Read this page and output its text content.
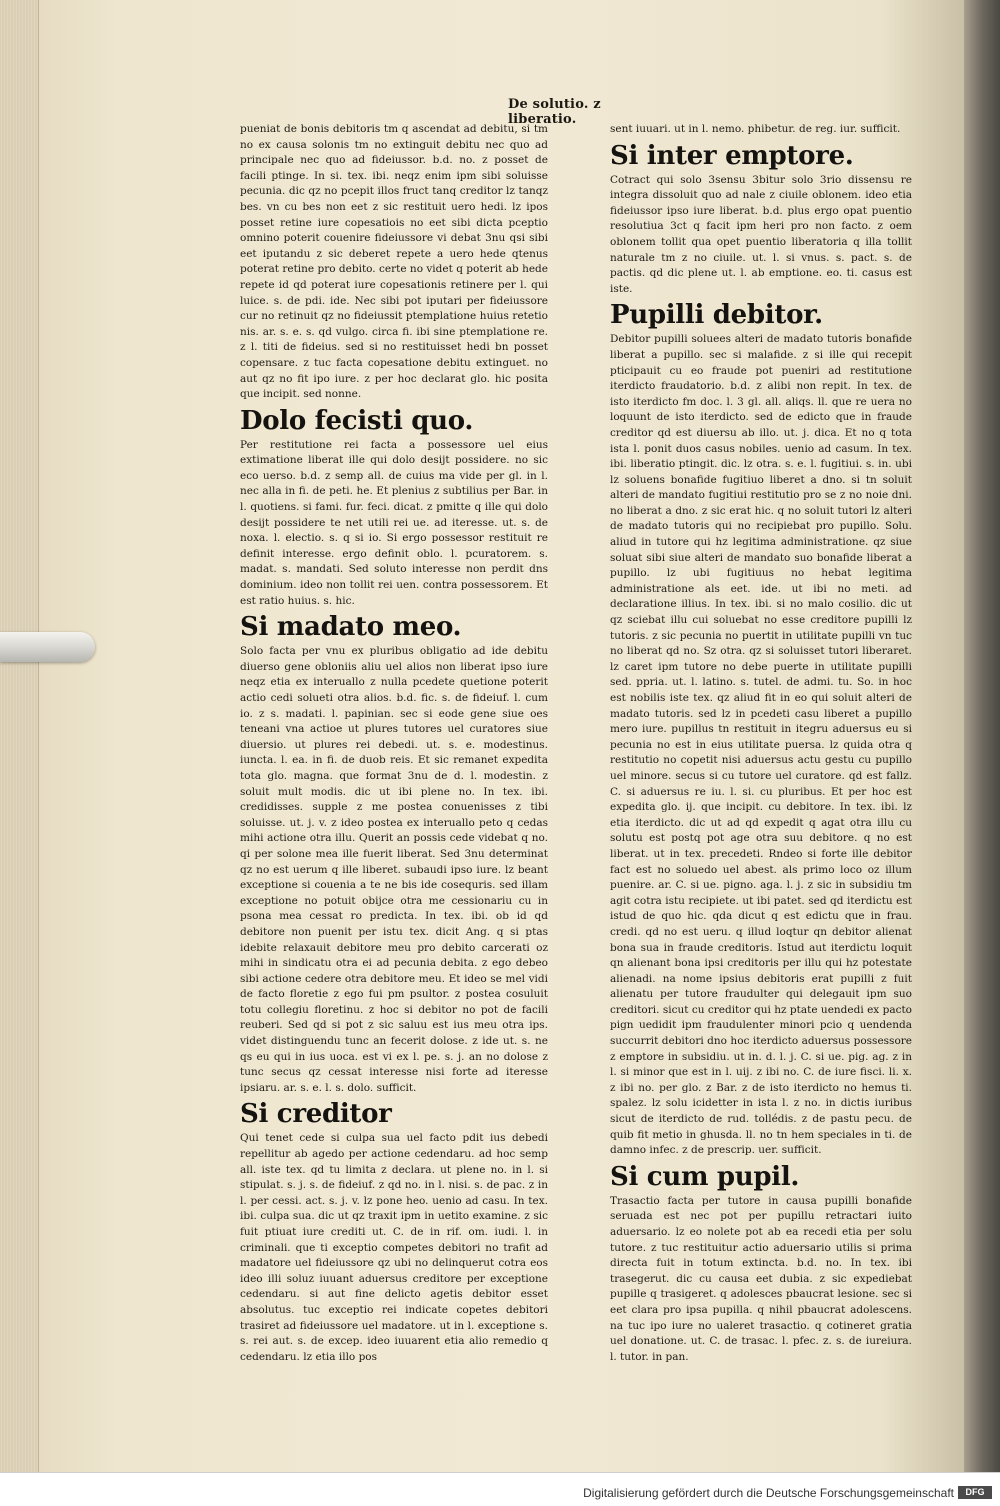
De solutio. z liberatio.

pueniat de bonis debitoris tm q ascendat ad debitu, si tm no ex causa solonis tm no extinguit debitu nec quo ad principale nec quo ad fideiussor. b.d. no. z posset de facili ptinge. In si. tex. ibi. neqz enim ipm sibi soluisse pecunia. dic qz no pcepit illos fruct tanq creditor lz tanqz bes. vn cu bes non eet z sic restituit uero hedi. lz ipos posset retine iure copesatiois no eet sibi dicta pceptio omnino poterit couenire fideiussore vi debat 3nu qsi sibi eet iputandu z sic deberet repete a uero hede qtenus poterat retine pro debito. certe no videt q poterit ab hede repete id qd poterat iure copesationis retinere per l. qui luice. s. de pdi. ide. Nec sibi pot iputari per fideiussore cur no retinuit qz no fideiussit ptemplatione huius retetio nis. ar. s. e. s. qd vulgo. circa fi. ibi sine ptemplatione re. z l. titi de fideius. sed si no restituisset hedi bn posset copensare. z tuc facta copesatione debitu extinguet. no aut qz no fit ipo iure. z per hoc declarat glo. hic posita que incipit. sed nonne.

Dolo fecisti quo.

Per restitutione rei facta a possessore uel eius extimatione liberat ille qui dolo desijt possidere. no sic eco uerso. b.d. z semp all. de cuius ma vide per gl. in l. nec alla in fi. de peti. he. Et plenius z subtilius per Bar. in l. quotiens. si fami. fur. feci. dicat. z pmitte q ille qui dolo desijt possidere te net utili rei ue. ad iteresse. ut. s. de noxa. l. electio. s. q si io. Si ergo possessor restituit re definit interesse. ergo definit oblo. l. pcuratorem. s. madat. s. mandati. Sed soluto interesse non perdit dns dominium. ideo non tollit rei uen. contra possessorem. Et est ratio huius. s. hic.

Si madato meo.

Solo facta per vnu ex pluribus obligatio ad ide debitu diuerso gene obloniis aliu uel alios non liberat ipso iure neqz etia ex interuallo z nulla pcedete quetione poterit actio cedi solueti otra alios. b.d. fic. s. de fideiuf. l. cum io. z s. madati. l. papinian. sec si eode gene siue oes teneani vna actioe ut plures tutores uel curatores siue diuersio. ut plures rei debedi. ut. s. e. modestinus. iuncta. l. ea. in fi. de duob reis. Et sic remanet expedita tota glo. magna. que format 3nu de d. l. modestin. z soluit mult modis. dic ut ibi plene no. In tex. ibi. credidisses. supple z me postea conuenisses z tibi soluisse. ut. j. v. z ideo postea ex interuallo peto q cedas mihi actione otra illu. Querit an possis cede videbat q no. qi per solone mea ille fuerit liberat. Sed 3nu determinat qz no est uerum q ille liberet. subaudi ipso iure. lz beant exceptione si couenia a te ne bis ide cosequris. sed illam exceptione no potuit obijce otra me cessionariu cu in psona mea cessat ro predicta. In tex. ibi. ob id qd debitore non puenit per istu tex. dicit Ang. q si ptas idebite relaxauit debitore meu pro debito carcerati oz mihi in sindicatu otra ei ad pecunia debita. z ego debeo sibi actione cedere otra debitore meu. Et ideo se mel vidi de facto floretie z ego fui pm psultor. z postea cosuluit totu collegiu floretinu. z hoc si debitor no pot de facili reuberi. Sed qd si pot z sic saluu est ius meu otra ips. videt distinguendu tunc an fecerit dolose. z ide ut. s. ne qs eu qui in ius uoca. est vi ex l. pe. s. j. an no dolose z tunc secus qz cessat interesse nisi forte ad iteresse ipsiaru. ar. s. e. l. s. dolo. sufficit.

Si creditor

Qui tenet cede si culpa sua uel facto pdit ius debedi repellitur ab agedo per actione cedendaru. ad hoc semp all. iste tex. qd tu limita z declara. ut plene no. in l. si stipulat. s. j. s. de fideiuf. z qd no. in l. nisi. s. de pac. z in l. per cessi. act. s. j. v. lz pone heo. uenio ad casu. In tex. ibi. culpa sua. dic ut qz traxit ipm in uetito examine. z sic fuit ptiuat iure crediti ut. C. de in rif. om. iudi. l. in criminali. que ti exceptio competes debitori no trafit ad madatore uel fideiussore qz ubi no delinquerut cotra eos ideo illi soluz iuuant aduersus creditore per exceptione cedendaru. si aut fine delicto agetis debitor esset absolutus. tuc exceptio rei indicate copetes debitori trasiret ad fideiussore uel madatore. ut in l. exceptione s. s. rei aut. s. de excep. ideo iuuarent etia alio remedio q cedendaru. lz etia illo pos

sent iuuari. ut in l. nemo. phibetur. de reg. iur. sufficit.

Si inter emptore.

Cotract qui solo 3sensu 3bitur solo 3rio dissensu re integra dissoluit quo ad nale z ciuile oblonem. ideo etia fideiussor ipso iure liberat. b.d. plus ergo opat puentio resolutiua 3ct q facit ipm heri pro non facto. z oem oblonem tollit qua opet puentio liberatoria q illa tollit naturale tm z no ciuile. ut. l. si vnus. s. pact. s. de pactis. qd dic plene ut. l. ab emptione. eo. ti. casus est iste.

Pupilli debitor.

Debitor pupilli soluees alteri de madato tutoris bonafide liberat a pupillo. sec si malafide. z si ille qui recepit pticipauit cu eo fraude pot pueniri ad restitutione iterdicto fraudatorio. b.d. z alibi non repit. In tex. de isto iterdicto fm doc. l. 3 gl. all. aliqs. ll. que re uera no loquunt de isto iterdicto. sed de edicto que in fraude creditor qd est diuersu ab illo. ut. j. dica. Et no q tota ista l. ponit duos casus nobiles. uenio ad casum. In tex. ibi. liberatio ptingit. dic. lz otra. s. e. l. fugitiui. s. in. ubi lz soluens bonafide fugitiuo liberet a dno. si tn soluit alteri de mandato fugitiui restitutio pro se z no noie dni. no liberat a dno. z sic erat hic. q no soluit tutori lz alteri de madato tutoris qui no recipiebat pro pupillo. Solu. aliud in tutore qui hz legitima administratione. qz siue soluat sibi siue alteri de mandato suo bonafide liberat a pupillo. lz ubi fugitiuus no hebat legitima administratione als eet. ide. ut ibi no meti. ad declaratione illius. In tex. ibi. si no malo cosilio. dic ut qz sciebat illu cui soluebat no esse creditore pupilli lz tutoris. z sic pecunia no puertit in utilitate pupilli vn tuc no liberat qd no. Sz otra. qz si soluisset tutori liberaret. lz caret ipm tutore no debe puerte in utilitate pupilli sed. ppria. ut. l. latino. s. tutel. de admi. tu. So. in hoc est nobilis iste tex. qz aliud fit in eo qui soluit alteri de madato tutoris. sed lz in pcedeti casu liberet a pupillo mero iure. pupillus tn restituit in itegru aduersus eu si pecunia no est in eius utilitate puersa. lz quida otra q restitutio no copetit nisi aduersus actu gestu cu pupillo uel minore. secus si cu tutore uel curatore. qd est fallz. C. si aduersus re iu. l. si. cu pluribus. Et per hoc est expedita glo. ij. que incipit. cu debitore. In tex. ibi. lz etia iterdicto. dic ut ad qd expedit q agat otra illu cu solutu est postq pot age otra suu debitore. q no est liberat. ut in tex. precedeti. Rndeo si forte ille debitor fact est no soluedo uel abest. als primo loco oz illum puenire. ar. C. si ue. pigno. aga. l. j. z sic in subsidiu tm agit cotra istu recipiete. ut ibi patet. sed qd iterdictu est istud de quo hic. qda dicut q est edictu que in frau. credi. qd no est ueru. q illud loqtur qn debitor alienat bona sua in fraude creditoris. Istud aut iterdictu loquit qn alienant bona ipsi creditoris per illu qui hz potestate alienadi. na nome ipsius debitoris erat pupilli z fuit alienatu per tutore fraudulter qui delegauit ipm suo creditori. sicut cu creditor qui hz ptate uendedi ex pacto pign uedidit ipm fraudulenter minori pcio q uendenda succurrit debitori dno hoc iterdicto aduersus possessore z emptore in subsidiu. ut in. d. l. j. C. si ue. pig. ag. z in l. si minor que est in l. uij. z ibi no. C. de iure fisci. li. x. z ibi no. per glo. z Bar. z de isto iterdicto no hemus ti. spalez. lz solu icidetter in ista l. z no. in dictis iuribus sicut de iterdicto de rud. tollédis. z de pastu pecu. de quib fit metio in ghusda. ll. no tn hem speciales in ti. de damno infec. z de prescrip. uer. sufficit.

Si cum pupil.

Trasactio facta per tutore in causa pupilli bonafide seruada est nec pot per pupillu retractari iuito aduersario. lz eo nolete pot ab ea recedi etia per solu tutore. z tuc restituitur actio aduersario utilis si prima directa fuit in totum extincta. b.d. no. In tex. ibi trasegerut. dic cu causa eet dubia. z sic expediebat pupille q trasigeret. q adolesces pbaucrat lesione. sec si eet clara pro ipsa pupilla. q nihil pbaucrat adolescens. na tuc ipo iure no ualeret trasactio. q cotineret gratia uel donatione. ut. C. de trasac. l. pfec. z. s. de iureiura. l. tutor. in pan.

Digitalisierung gefördert durch die Deutsche Forschungsgemeinschaft	DFG
